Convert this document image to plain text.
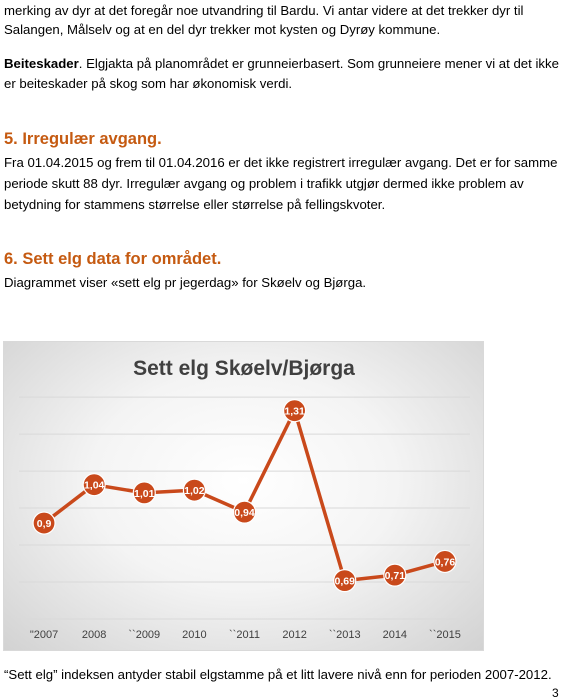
merking av dyr at det foregår noe utvandring til Bardu. Vi antar videre at det trekker dyr til
Salangen, Målselv og at en del dyr trekker mot kysten og Dyrøy kommune.
Beiteskader. Elgjakta på planområdet er grunneierbasert. Som grunneiere mener vi at det ikke
er beiteskader på skog som har økonomisk verdi.
5. Irregulær avgang.
Fra 01.04.2015 og frem til 01.04.2016 er det ikke registrert irregulær avgang. Det er for samme
periode skutt 88 dyr. Irregulær avgang og problem i trafikk utgjør dermed ikke problem av
betydning for stammens størrelse eller størrelse på fellingskvoter.
6. Sett elg data for området.
Diagrammet viser «sett elg pr jegerdag» for Skøelv og Bjørga.
Sett elg Skøelv/Bjørga
0,9
1,04
1,01	1,02
0,94
1,31
0,69	0,71
0,76
"2007 2008 ``2009 2010 ``2011 2012 ``2013 2014 ``2015
“Sett elg” indeksen antyder stabil elgstamme på et litt lavere nivå enn for perioden 2007-2012.
3
